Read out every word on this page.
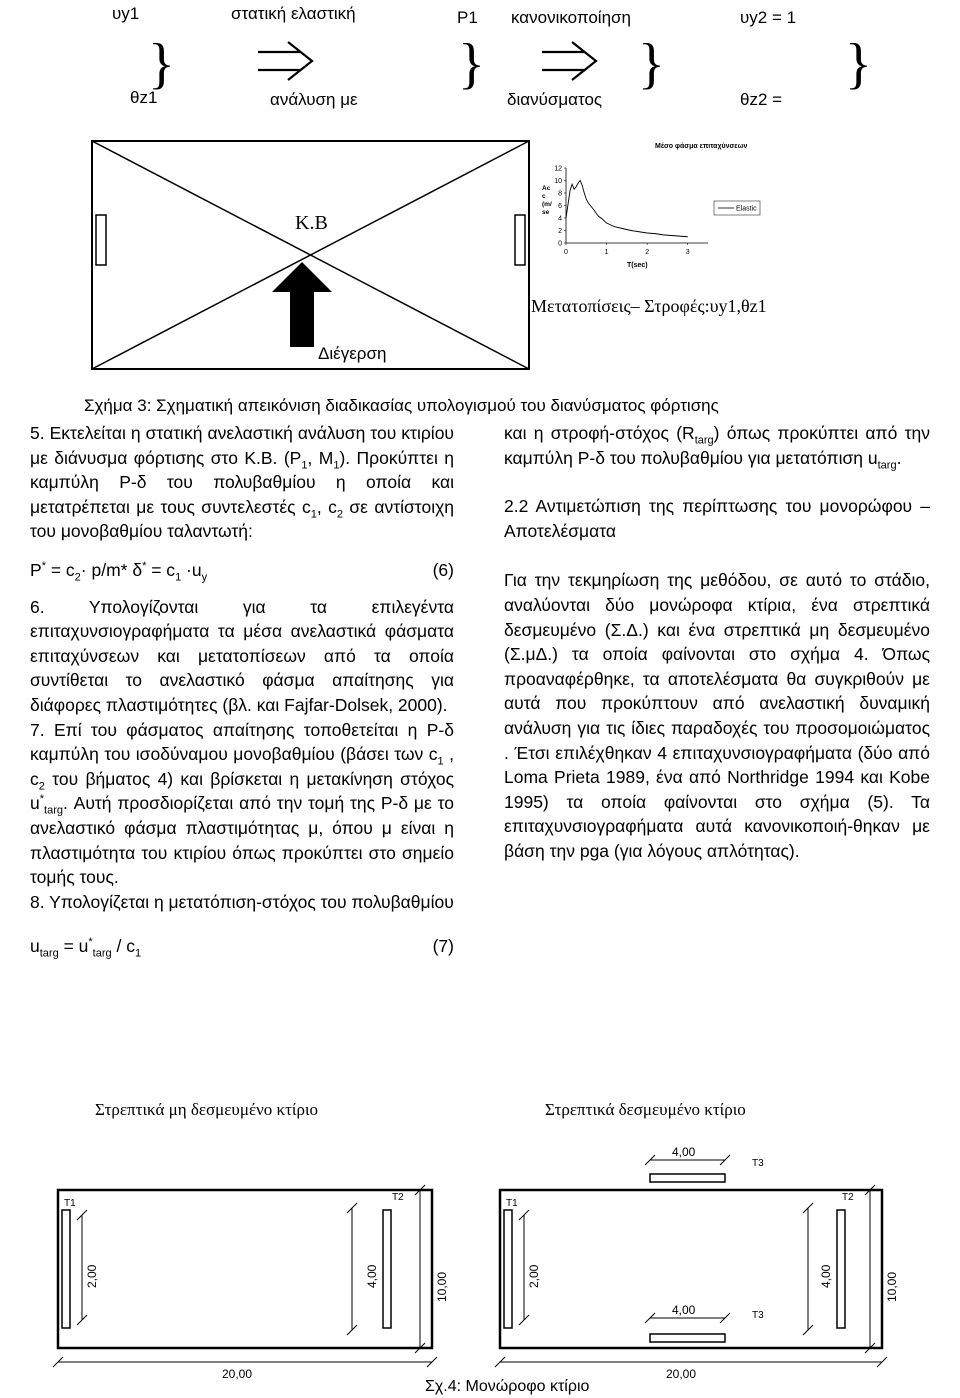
υy1	στατική ελαστική	P1 κανονικοποίηση	υy2 = 1
θz1	ανάλυση με	διανύσματος	θz2 =
}	}	}	}
K.B
Διέγερση
Μέσο φάσμα επιταχύνσεων
0
2
4
6
8
10
12
0	1	2	3
T(sec)
Ac
c
(m/
se	Elastic
Μετατοπίσεις– Στροφές:υy1,θz1
Σχήμα 3: Σχηματική απεικόνιση διαδικασίας υπολογισμού του διανύσματος φόρτισης

5. Εκτελείται η στατική ανελαστική ανάλυση του κτιρίου με διάνυσμα φόρτισης στο K.B. ($P_1$, $M_1$). Προκύπτει η καμπύλη P-δ του πολυβαθμίου η οποία και μετατρέπεται με τους συντελεστές $c_1$, $c_2$ σε αντίστοιχη του μονοβαθμίου ταλαντωτή:

$P^* = c_2\cdot p/m*$ $\delta^* = c_1 \cdot u_y$	(6)

6. Υπολογίζονται για τα επιλεγέντα επιταχυνσιογραφήματα τα μέσα ανελαστικά φάσματα επιταχύνσεων και μετατοπίσεων από τα οποία συντίθεται το ανελαστικό φάσμα απαίτησης για διάφορες πλαστιμότητες (βλ. και Fajfar-Dolsek, 2000).

7. Επί του φάσματος απαίτησης τοποθετείται η P-δ καμπύλη του ισοδύναμου μονοβαθμίου (βάσει των $c_1$ , $c_2$ του βήματος 4) και βρίσκεται η μετακίνηση στόχος $u^*_{targ}$. Αυτή προσδιορίζεται από την τομή της P-δ με το ανελαστικό φάσμα πλαστιμότητας μ, όπου μ είναι η πλαστιμότητα του κτιρίου όπως προκύπτει στο σημείο τομής τους.

8. Υπολογίζεται η μετατόπιση-στόχος του πολυβαθμίου

$u_{targ} = u^*_{targ} / c_1$	(7)

και η στροφή-στόχος $(R_{targ})$ όπως προκύπτει από την καμπύλη P-δ του πολυβαθμίου για μετατόπιση $u_{targ}$.

2.2 Αντιμετώπιση της περίπτωσης του μονορώφου – Αποτελέσματα

Για την τεκμηρίωση της μεθόδου, σε αυτό το στάδιο, αναλύονται δύο μονώροφα κτίρια, ένα στρεπτικά δεσμευμένο (Σ.Δ.) και ένα στρεπτικά μη δεσμευμένο (Σ.μΔ.) τα οποία φαίνονται στο σχήμα 4. Όπως προαναφέρθηκε, τα αποτελέσματα θα συγκριθούν με αυτά που προκύπτουν από ανελαστική δυναμική ανάλυση για τις ίδιες παραδοχές του προσομοιώματος . Έτσι επιλέχθηκαν 4 επιταχυνσιογραφήματα (δύο από Loma Prieta 1989, ένα από Northridge 1994 και Kobe 1995) τα οποία φαίνονται στο σχήμα (5). Τα επιταχυνσιογραφήματα αυτά κανονικοποιή-θηκαν με βάση την pga (για λόγους απλότητας).

Στρεπτικά μη δεσμευμένο κτίριο	Στρεπτικά δεσμευμένο κτίριο
T1
T2
2,00	4,00	10,00
20,00
T1
T2
T3
T3
4,00
4,00
2,00	4,00	10,00
20,00
Σχ.4: Μονώροφο κτίριο
